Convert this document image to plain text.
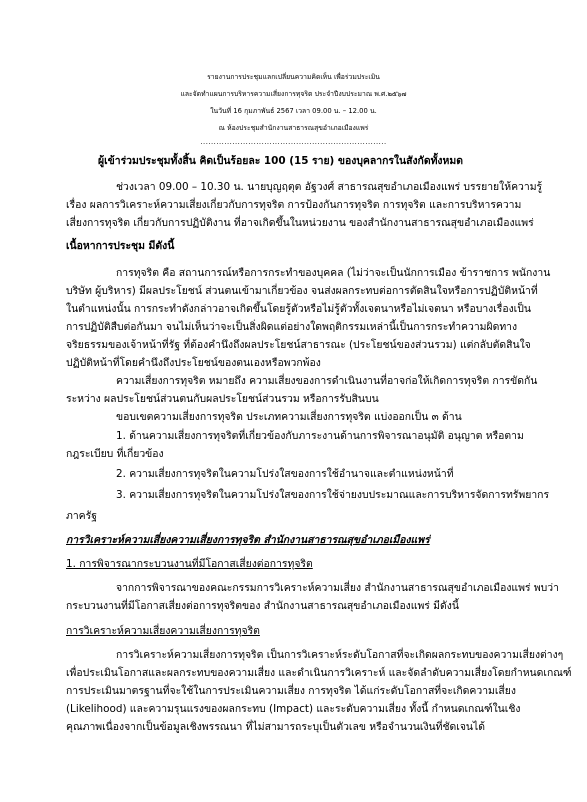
รายงานการประชุมแลกเปลี่ยนความคิดเห็น เพื่อร่วมประเมิน
และจัดทำแผนการบริหารความเสี่ยงการทุจริต ประจำปีงบประมาณ พ.ศ.๒๕๖๗
ในวันที่ 16 กุมภาพันธ์ 2567 เวลา 09.00 น. – 12.00 น.
ณ ห้องประชุมสำนักงานสาธารณสุขอำเภอเมืองแพร่
......................................................................
ผู้เข้าร่วมประชุมทั้งสิ้น คิดเป็นร้อยละ 100 (15 ราย) ของบุคลากรในสังกัดทั้งหมด
ช่วงเวลา 09.00 – 10.30 น. นายบุญฤตุต อัฐวงศ์ สาธารณสุขอำเภอเมืองแพร่ บรรยายให้ความรู้
เรื่อง ผลการวิเคราะห์ความเสี่ยงเกี่ยวกับการทุจริต การป้องกันการทุจริต การทุจริต และการบริหารความ
เสี่ยงการทุจริต เกี่ยวกับการปฏิบัติงาน ที่อาจเกิดขึ้นในหน่วยงาน ของสำนักงานสาธารณสุขอำเภอเมืองแพร่
เนื้อหาการประชุม มีดังนี้
การทุจริต คือ สถานการณ์หรือการกระทำของบุคคล (ไม่ว่าจะเป็นนักการเมือง ข้าราชการ พนักงาน
บริษัท ผู้บริหาร) มีผลประโยชน์ ส่วนตนเข้ามาเกี่ยวข้อง จนส่งผลกระทบต่อการตัดสินใจหรือการปฏิบัติหน้าที่
ในตำแหน่งนั้น การกระทำดังกล่าวอาจเกิดขึ้นโดยรู้ตัวหรือไม่รู้ตัวทั้งเจตนาหรือไม่เจตนา หรือบางเรื่องเป็น
การปฏิบัติสืบต่อกันมา จนไม่เห็นว่าจะเป็นสิ่งผิดแต่อย่างใดพฤติกรรมเหล่านี้เป็นการกระทำความผิดทาง
จริยธรรมของเจ้าหน้าที่รัฐ ที่ต้องคำนึงถึงผลประโยชน์สาธารณะ (ประโยชน์ของส่วนรวม) แต่กลับตัดสินใจ
ปฏิบัติหน้าที่โดยคำนึงถึงประโยชน์ของตนเองหรือพวกพ้อง
ความเสี่ยงการทุจริต หมายถึง ความเสี่ยงของการดำเนินงานที่อาจก่อให้เกิดการทุจริต การขัดกัน
ระหว่าง ผลประโยชน์ส่วนตนกับผลประโยชน์ส่วนรวม หรือการรับสินบน
ขอบเขตความเสี่ยงการทุจริต ประเภทความเสี่ยงการทุจริต แบ่งออกเป็น ๓ ด้าน
1. ด้านความเสี่ยงการทุจริตที่เกี่ยวข้องกับภาระงานด้านการพิจารณาอนุมัติ อนุญาต หรือตาม
กฎระเบียบ ที่เกี่ยวข้อง
2. ความเสี่ยงการทุจริตในความโปร่งใสของการใช้อำนาจและตำแหน่งหน้าที่
3. ความเสี่ยงการทุจริตในความโปร่งใสของการใช้จ่ายงบประมาณและการบริหารจัดการทรัพยากร
ภาครัฐ
การวิเคราะห์ความเสี่ยงความเสี่ยงการทุจริต สำนักงานสาธารณสุขอำเภอเมืองแพร่
1. การพิจารณากระบวนงานที่มีโอกาสเสี่ยงต่อการทุจริต
จากการพิจารณาของคณะกรรมการวิเคราะห์ความเสี่ยง สำนักงานสาธารณสุขอำเภอเมืองแพร่ พบว่า
กระบวนงานที่มีโอกาสเสี่ยงต่อการทุจริตของ สำนักงานสาธารณสุขอำเภอเมืองแพร่ มีดังนี้
การวิเคราะห์ความเสี่ยงความเสี่ยงการทุจริต
การวิเคราะห์ความเสี่ยงการทุจริต เป็นการวิเคราะห์ระดับโอกาสที่จะเกิดผลกระทบของความเสี่ยงต่างๆ
เพื่อประเมินโอกาสและผลกระทบของความเสี่ยง และดำเนินการวิเคราะห์ และจัดลำดับความเสี่ยงโดยกำหนดเกณฑ์
การประเมินมาตรฐานที่จะใช้ในการประเมินความเสี่ยง การทุจริต ได้แก่ระดับโอกาสที่จะเกิดความเสี่ยง
(Likelihood) และความรุนแรงของผลกระทบ (Impact) และระดับความเสี่ยง ทั้งนี้ กำหนดเกณฑ์ในเชิง
คุณภาพเนื่องจากเป็นข้อมูลเชิงพรรณนา ที่ไม่สามารถระบุเป็นตัวเลข หรือจำนวนเงินที่ชัดเจนได้
